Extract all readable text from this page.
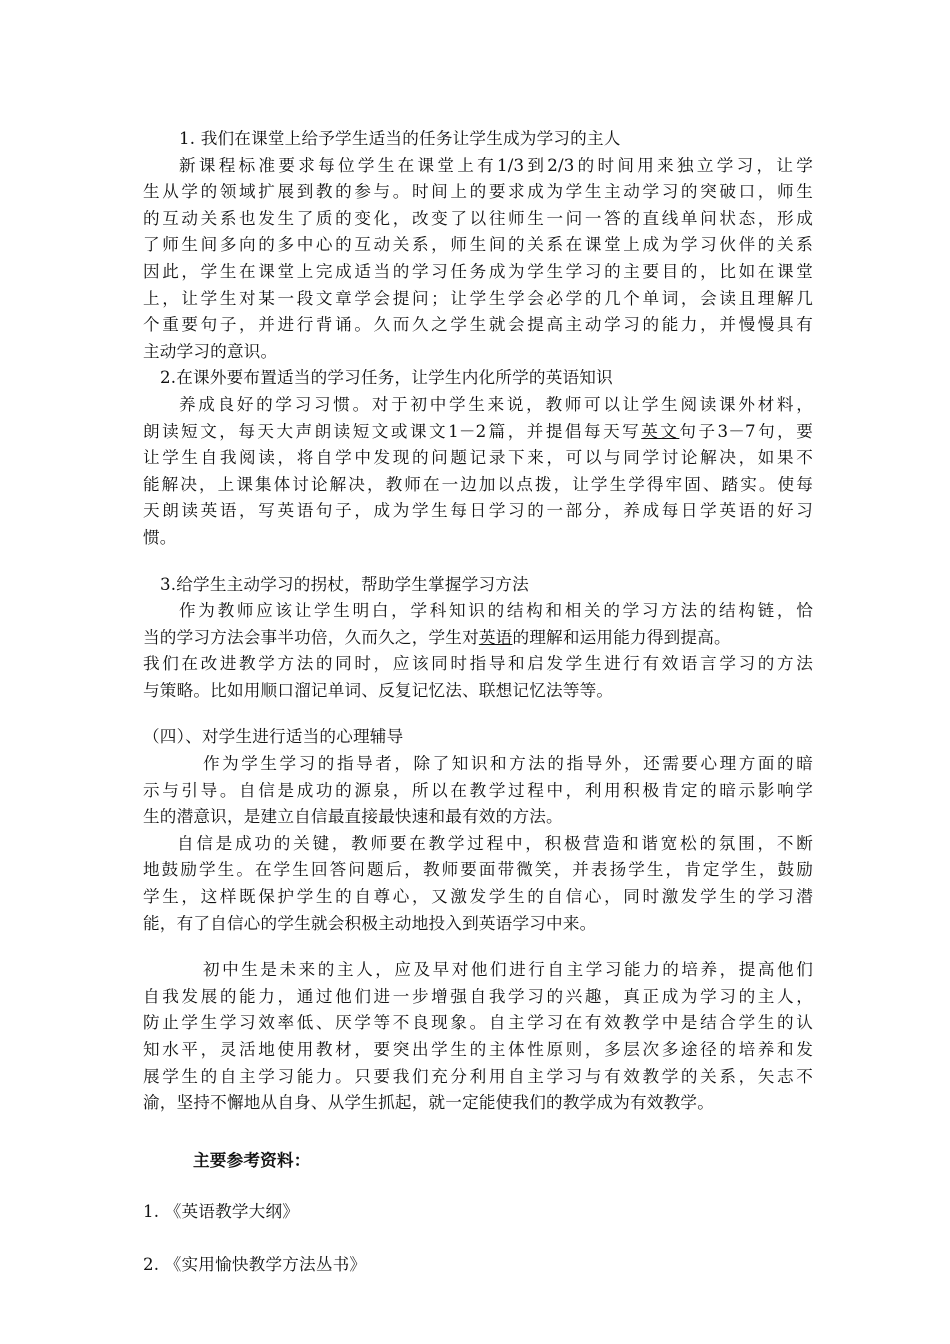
1. 我们在课堂上给予学生适当的任务让学生成为学习的主人
新课程标准要求每位学生在课堂上有1/3到2/3的时间用来独立学习，让学
生从学的领域扩展到教的参与。时间上的要求成为学生主动学习的突破口，师生
的互动关系也发生了质的变化，改变了以往师生一问一答的直线单问状态，形成
了师生间多向的多中心的互动关系，师生间的关系在课堂上成为学习伙伴的关系
因此，学生在课堂上完成适当的学习任务成为学生学习的主要目的，比如在课堂
上，让学生对某一段文章学会提问；让学生学会必学的几个单词，会读且理解几
个重要句子，并进行背诵。久而久之学生就会提高主动学习的能力，并慢慢具有
主动学习的意识。
2.在课外要布置适当的学习任务，让学生内化所学的英语知识
养成良好的学习习惯。对于初中学生来说，教师可以让学生阅读课外材料，
朗读短文，每天大声朗读短文或课文1－2篇，并提倡每天写英文句子3－7句，要
让学生自我阅读，将自学中发现的问题记录下来，可以与同学讨论解决，如果不
能解决，上课集体讨论解决，教师在一边加以点拨，让学生学得牢固、踏实。使每
天朗读英语，写英语句子，成为学生每日学习的一部分，养成每日学英语的好习
惯。
3.给学生主动学习的拐杖，帮助学生掌握学习方法
作为教师应该让学生明白，学科知识的结构和相关的学习方法的结构链，恰
当的学习方法会事半功倍，久而久之，学生对英语的理解和运用能力得到提高。
我们在改进教学方法的同时，应该同时指导和启发学生进行有效语言学习的方法
与策略。比如用顺口溜记单词、反复记忆法、联想记忆法等等。
（四）、对学生进行适当的心理辅导
作为学生学习的指导者，除了知识和方法的指导外，还需要心理方面的暗
示与引导。自信是成功的源泉，所以在教学过程中，利用积极肯定的暗示影响学
生的潜意识，是建立自信最直接最快速和最有效的方法。
自信是成功的关键，教师要在教学过程中，积极营造和谐宽松的氛围，不断
地鼓励学生。在学生回答问题后，教师要面带微笑，并表扬学生，肯定学生，鼓励
学生，这样既保护学生的自尊心，又激发学生的自信心，同时激发学生的学习潜
能，有了自信心的学生就会积极主动地投入到英语学习中来。
初中生是未来的主人，应及早对他们进行自主学习能力的培养，提高他们
自我发展的能力，通过他们进一步增强自我学习的兴趣，真正成为学习的主人，
防止学生学习效率低、厌学等不良现象。自主学习在有效教学中是结合学生的认
知水平，灵活地使用教材，要突出学生的主体性原则，多层次多途径的培养和发
展学生的自主学习能力。只要我们充分利用自主学习与有效教学的关系，矢志不
渝，坚持不懈地从自身、从学生抓起，就一定能使我们的教学成为有效教学。
主要参考资料：
1. 《英语教学大纲》
2. 《实用愉快教学方法丛书》
